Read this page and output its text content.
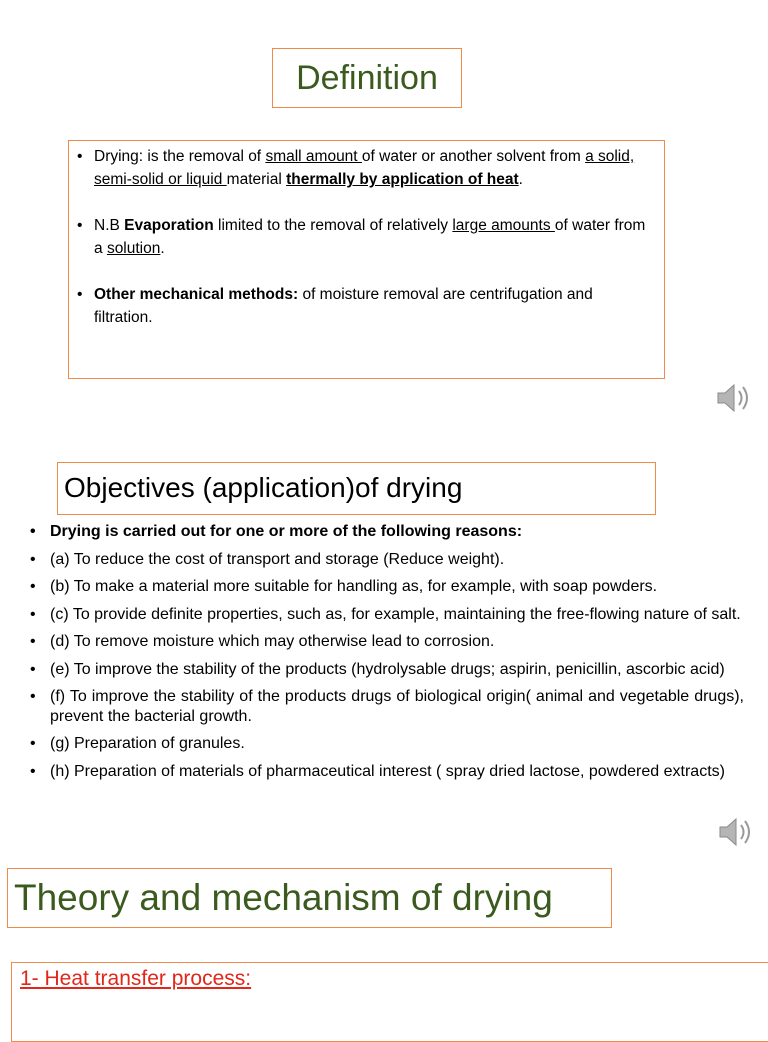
Definition
• Drying: is the removal of small amount of water or another solvent from a solid, semi-solid or liquid material thermally by application of heat.
• N.B Evaporation limited to the removal of relatively large amounts of water from a solution.
• Other mechanical methods: of moisture removal are centrifugation and filtration.
Objectives (application)of drying
• Drying is carried out for one or more of the following reasons:
• (a) To reduce the cost of transport and storage (Reduce weight).
• (b) To make a material more suitable for handling as, for example, with soap powders.
• (c) To provide definite properties, such as, for example, maintaining the free-flowing nature of salt.
• (d) To remove moisture which may otherwise lead to corrosion.
• (e) To improve the stability of the products (hydrolysable drugs; aspirin, penicillin, ascorbic acid)
• (f) To improve the stability of the products drugs of biological origin( animal and vegetable drugs), prevent the bacterial growth.
• (g) Preparation of granules.
• (h) Preparation of materials of pharmaceutical interest ( spray dried lactose, powdered extracts)
Theory and mechanism of drying
1- Heat transfer process:
